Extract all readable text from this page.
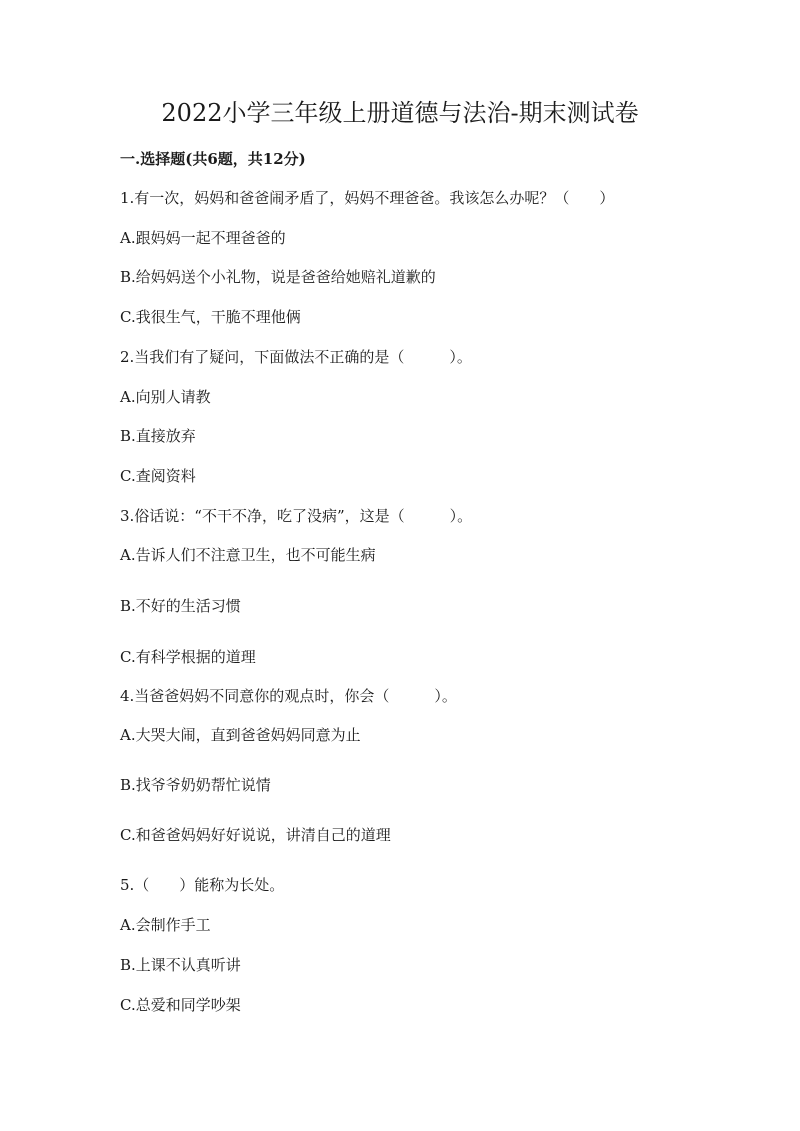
2022小学三年级上册道德与法治-期末测试卷
一.选择题(共6题，共12分)
1.有一次，妈妈和爸爸闹矛盾了，妈妈不理爸爸。我该怎么办呢？（　　）
A.跟妈妈一起不理爸爸的
B.给妈妈送个小礼物，说是爸爸给她赔礼道歉的
C.我很生气，干脆不理他俩
2.当我们有了疑问，下面做法不正确的是（　　　）。
A.向别人请教
B.直接放弃
C.查阅资料
3.俗话说：“不干不净，吃了没病”，这是（　　　）。
A.告诉人们不注意卫生，也不可能生病
B.不好的生活习惯
C.有科学根据的道理
4.当爸爸妈妈不同意你的观点时，你会（　　　）。
A.大哭大闹，直到爸爸妈妈同意为止
B.找爷爷奶奶帮忙说情
C.和爸爸妈妈好好说说，讲清自己的道理
5.（　　）能称为长处。
A.会制作手工
B.上课不认真听讲
C.总爱和同学吵架
